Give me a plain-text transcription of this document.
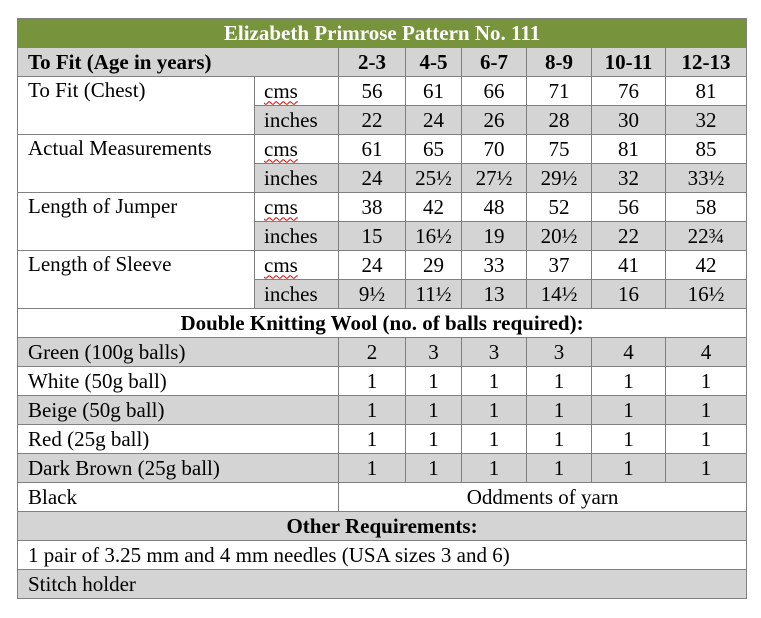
Elizabeth Primrose Pattern No. 111							
To Fit (Age in years)		2-3	4-5	6-7	8-9	10-11	12-13
To Fit (Chest)	cms	56	61	66	71	76	81
	inches	22	24	26	28	30	32
Actual Measurements	cms	61	65	70	75	81	85
	inches	24	25½	27½	29½	32	33½
Length of Jumper	cms	38	42	48	52	56	58
	inches	15	16½	19	20½	22	22¾
Length of Sleeve	cms	24	29	33	37	41	42
	inches	9½	11½	13	14½	16	16½
Double Knitting Wool (no. of balls required):							
Green (100g balls)		2	3	3	3	4	4
White (50g ball)		1	1	1	1	1	1
Beige (50g ball)		1	1	1	1	1	1
Red (25g ball)		1	1	1	1	1	1
Dark Brown (25g ball)		1	1	1	1	1	1
Black		Oddments of yarn					
Other Requirements:							
1 pair of 3.25 mm and 4 mm needles (USA sizes 3 and 6)							
Stitch holder							
